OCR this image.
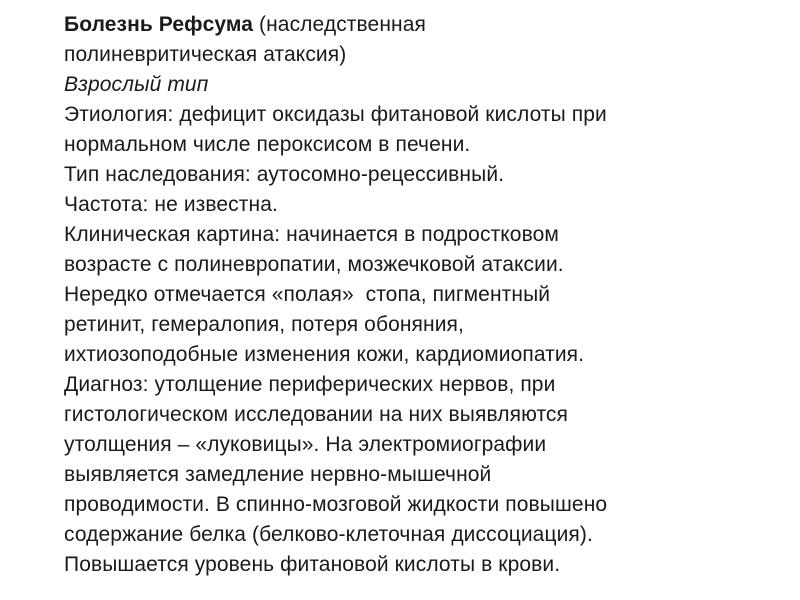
Болезнь Рефсума (наследственная
полиневритическая атаксия)
Взрослый тип
Этиология: дефицит оксидазы фитановой кислоты при
нормальном числе пероксисом в печени.
Тип наследования: аутосомно-рецессивный.
Частота: не известна.
Клиническая картина: начинается в подростковом
возрасте с полиневропатии, мозжечковой атаксии.
Нередко отмечается «полая»  стопа, пигментный
ретинит, гемералопия, потеря обоняния,
ихтиозоподобные изменения кожи, кардиомиопатия.
Диагноз: утолщение периферических нервов, при
гистологическом исследовании на них выявляются
утолщения – «луковицы». На электромиографии
выявляется замедление нервно-мышечной
проводимости. В спинно-мозговой жидкости повышено
содержание белка (белково-клеточная диссоциация).
Повышается уровень фитановой кислоты в крови.
